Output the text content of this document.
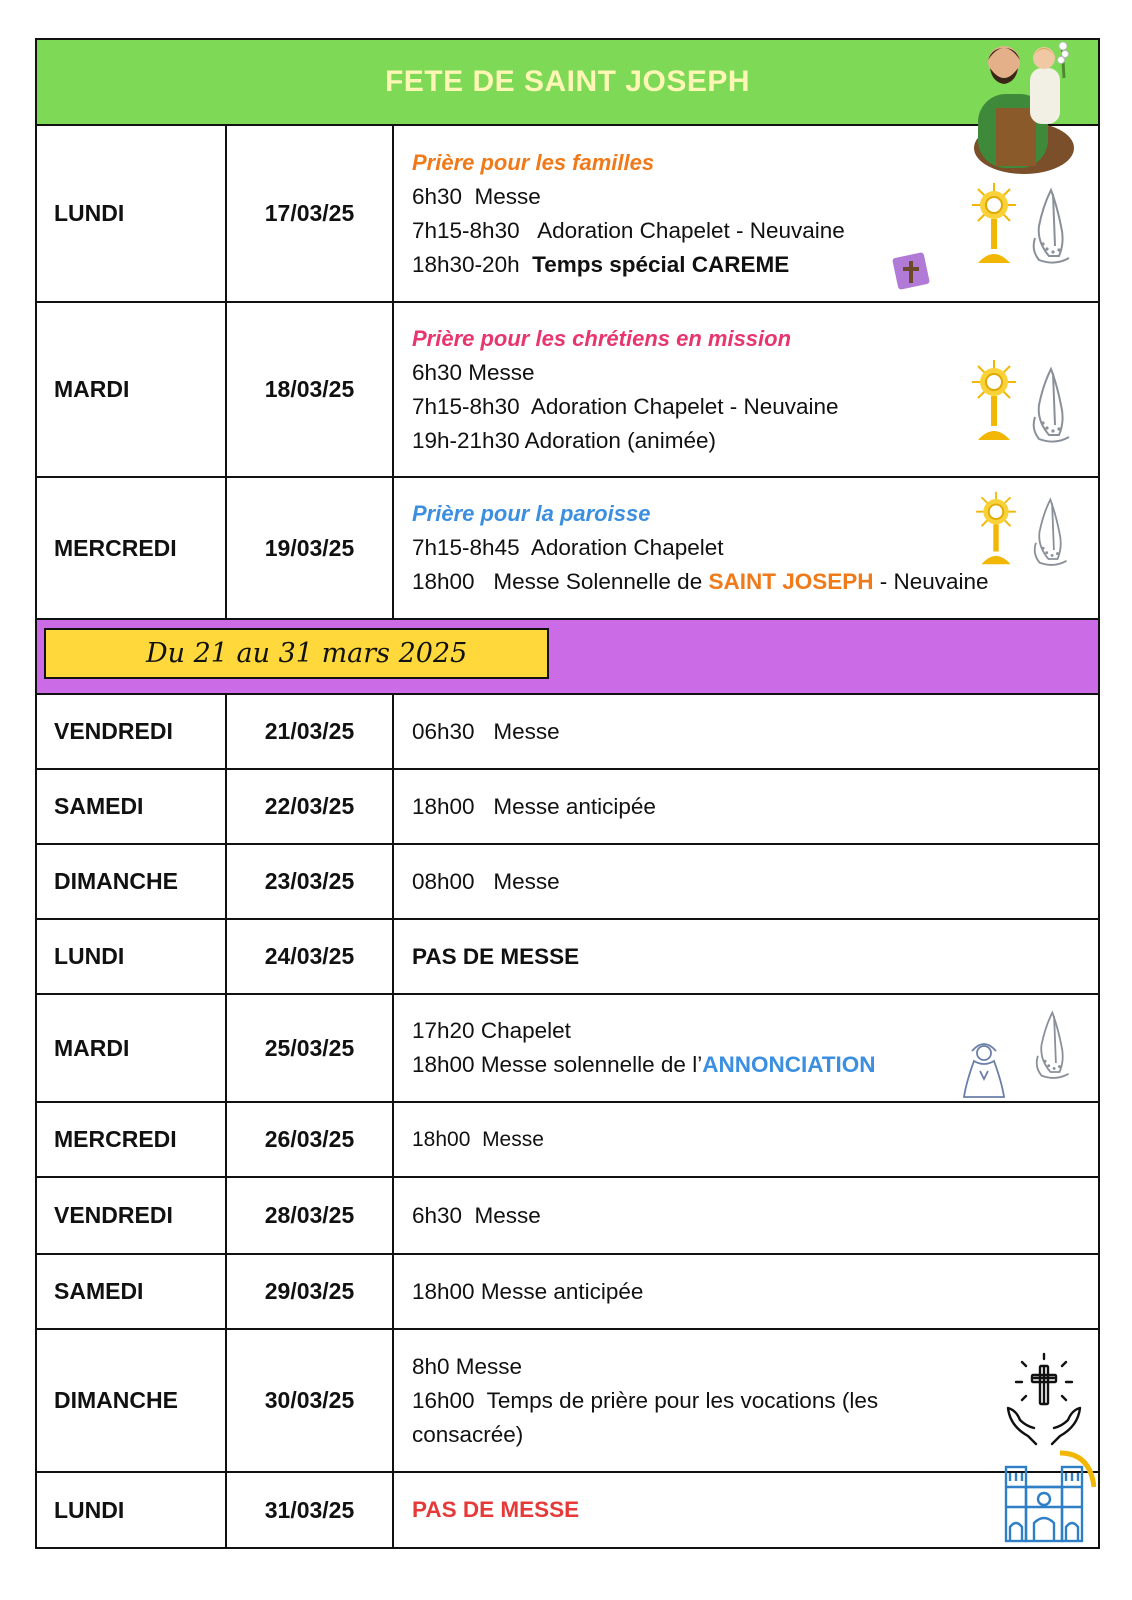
FETE DE SAINT JOSEPH		

LUNDI	17/03/25	Prière pour les familles
6h30  Messe
7h15-8h30   Adoration Chapelet - Neuvaine
18h30-20h Temps spécial CAREME

MARDI	18/03/25	Prière pour les chrétiens en mission
6h30 Messe
7h15-8h30  Adoration Chapelet - Neuvaine
19h-21h30 Adoration (animée)

MERCREDI	19/03/25	Prière pour la paroisse
7h15-8h45  Adoration Chapelet
18h00   Messe Solennelle de SAINT JOSEPH - Neuvaine

Du 21 au 31 mars 2025		

VENDREDI	21/03/25	06h30   Messe
SAMEDI	22/03/25	18h00   Messe anticipée
DIMANCHE	23/03/25	08h00   Messe
LUNDI	24/03/25	PAS DE MESSE
MARDI	25/03/25	17h20 Chapelet
18h00 Messe solennelle de l’ANNONCIATION

MERCREDI	26/03/25	18h00  Messe
VENDREDI	28/03/25	6h30  Messe
SAMEDI	29/03/25	18h00 Messe anticipée
DIMANCHE	30/03/25	8h0 Messe
16h00  Temps de prière pour les vocations (les consacrée)

LUNDI	31/03/25	PAS DE MESSE
